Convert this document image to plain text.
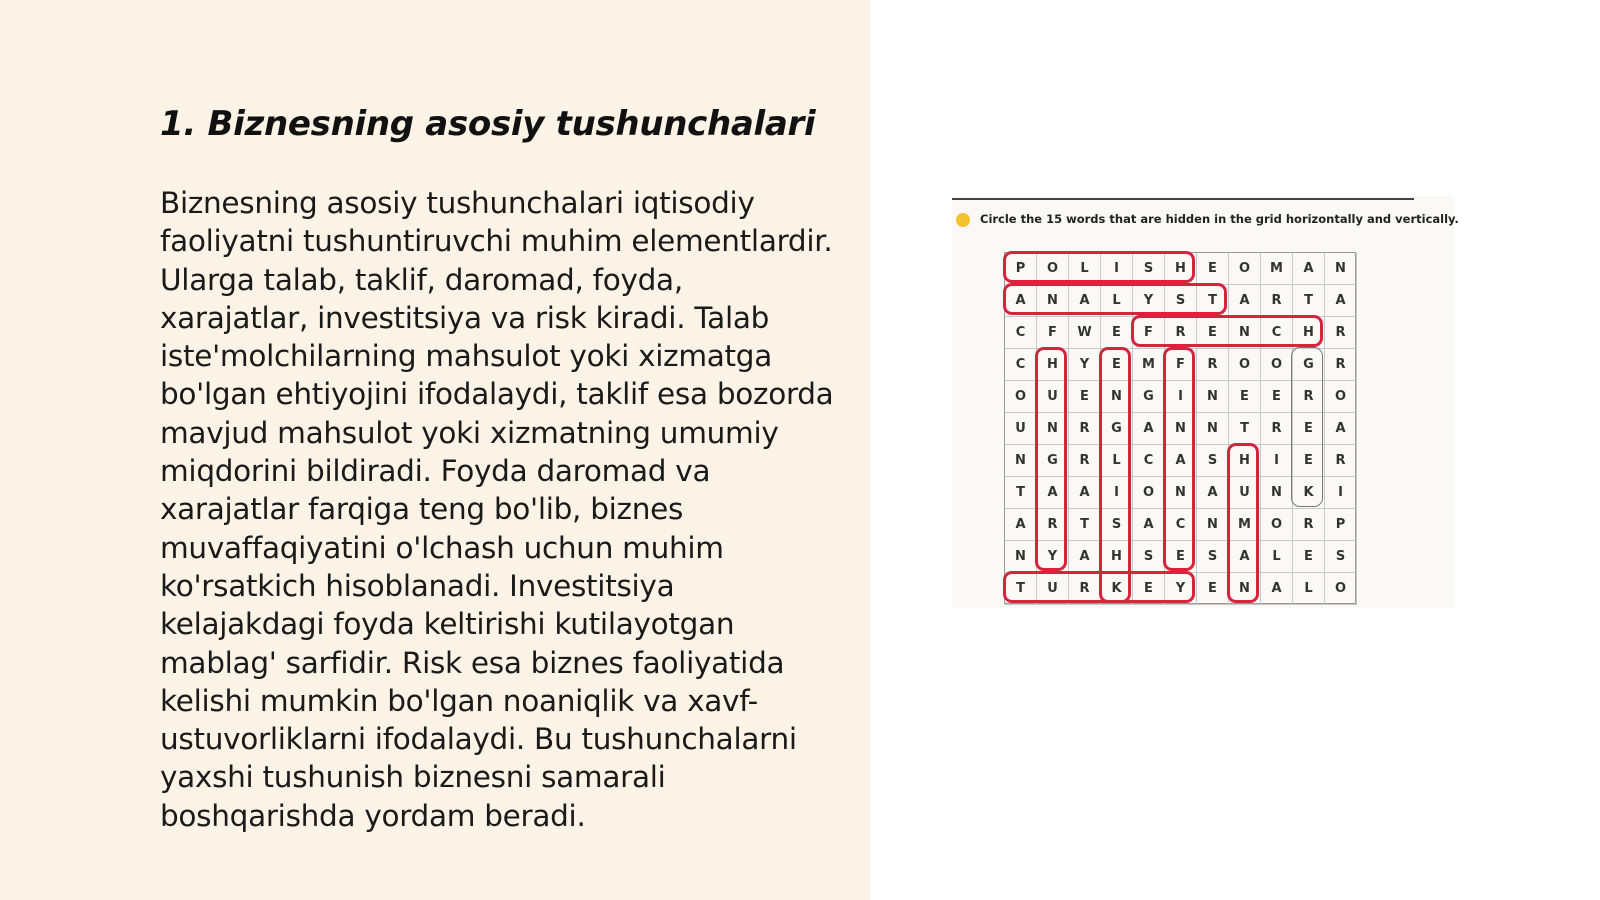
1. Biznesning asosiy tushunchalari

Biznesning asosiy tushunchalari iqtisodiy faoliyatni tushuntiruvchi muhim elementlardir. Ularga talab, taklif, daromad, foyda, xarajatlar, investitsiya va risk kiradi. Talab iste'molchilarning mahsulot yoki xizmatga bo'lgan ehtiyojini ifodalaydi, taklif esa bozorda mavjud mahsulot yoki xizmatning umumiy miqdorini bildiradi. Foyda daromad va xarajatlar farqiga teng bo'lib, biznes muvaffaqiyatini o'lchash uchun muhim ko'rsatkich hisoblanadi. Investitsiya kelajakdagi foyda keltirishi kutilayotgan mablag' sarfidir. Risk esa biznes faoliyatida kelishi mumkin bo'lgan noaniqlik va xavf-ustuvorliklarni ifodalaydi. Bu tushunchalarni yaxshi tushunish biznesni samarali boshqarishda yordam beradi.

Circle the 15 words that are hidden in the grid horizontally and vertically.
P	O	L	I	S	H	E	O	M	A	N
A	N	A	L	Y	S	T	A	R	T	A
C	F	W	E	F	R	E	N	C	H	R
C	H	Y	E	M	F	R	O	O	G	R
O	U	E	N	G	I	N	E	E	R	O
U	N	R	G	A	N	N	T	R	E	A
N	G	R	L	C	A	S	H	I	E	R
T	A	A	I	O	N	A	U	N	K	I
A	R	T	S	A	C	N	M	O	R	P
N	Y	A	H	S	E	S	A	L	E	S
T	U	R	K	E	Y	E	N	A	L	O
